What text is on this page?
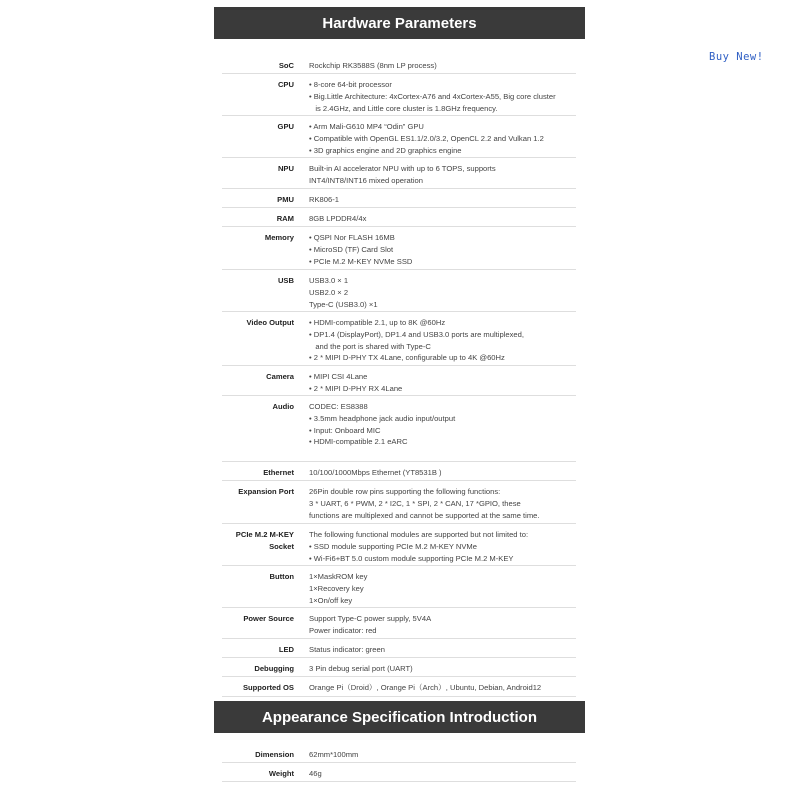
Hardware Parameters
Buy New!
SoC Rockchip RK3588S (8nm LP process)
CPU • 8-core 64-bit processor
• Big.Little Architecture: 4xCortex-A76 and 4xCortex-A55, Big core cluster
is 2.4GHz, and Little core cluster is 1.8GHz frequency.
GPU • Arm Mali-G610 MP4 “Odin” GPU
• Compatible with OpenGL ES1.1/2.0/3.2, OpenCL 2.2 and Vulkan 1.2
• 3D graphics engine and 2D graphics engine
NPU Built-in AI accelerator NPU with up to 6 TOPS, supports
INT4/INT8/INT16 mixed operation
PMU RK806-1
RAM 8GB LPDDR4/4x
Memory • QSPI Nor FLASH 16MB
• MicroSD (TF) Card Slot
• PCIe M.2 M-KEY NVMe SSD
USB USB3.0 × 1
USB2.0 × 2
Type-C (USB3.0) ×1
Video Output • HDMI-compatible 2.1, up to 8K @60Hz
• DP1.4 (DisplayPort), DP1.4 and USB3.0 ports are multiplexed,
and the port is shared with Type-C
• 2 * MIPI D-PHY TX 4Lane, configurable up to 4K @60Hz
Camera • MIPI CSI 4Lane
• 2 * MIPI D-PHY RX 4Lane
Audio CODEC: ES8388
• 3.5mm headphone jack audio input/output
• Input: Onboard MIC
• HDMI-compatible 2.1 eARC
Ethernet 10/100/1000Mbps Ethernet (YT8531B )
Expansion Port 26Pin double row pins supporting the following functions:
3 * UART, 6 * PWM, 2 * I2C, 1 * SPI, 2 * CAN, 17 *GPIO, these
functions are multiplexed and cannot be supported at the same time.
PCIe M.2 M-KEY Socket
The following functional modules are supported but not limited to:
• SSD module supporting PCIe M.2 M-KEY NVMe
• Wi-Fi6+BT 5.0 custom module supporting PCIe M.2 M-KEY
Button 1×MaskROM key
1×Recovery key
1×On/off key
Power Source Support Type-C power supply, 5V4A
Power indicator: red
LED Status indicator: green
Debugging 3 Pin debug serial port (UART)
Supported OS Orange Pi（Droid）, Orange Pi（Arch）, Ubuntu, Debian, Android12
Appearance Specification Introduction
Dimension 62mm*100mm
Weight 46g
